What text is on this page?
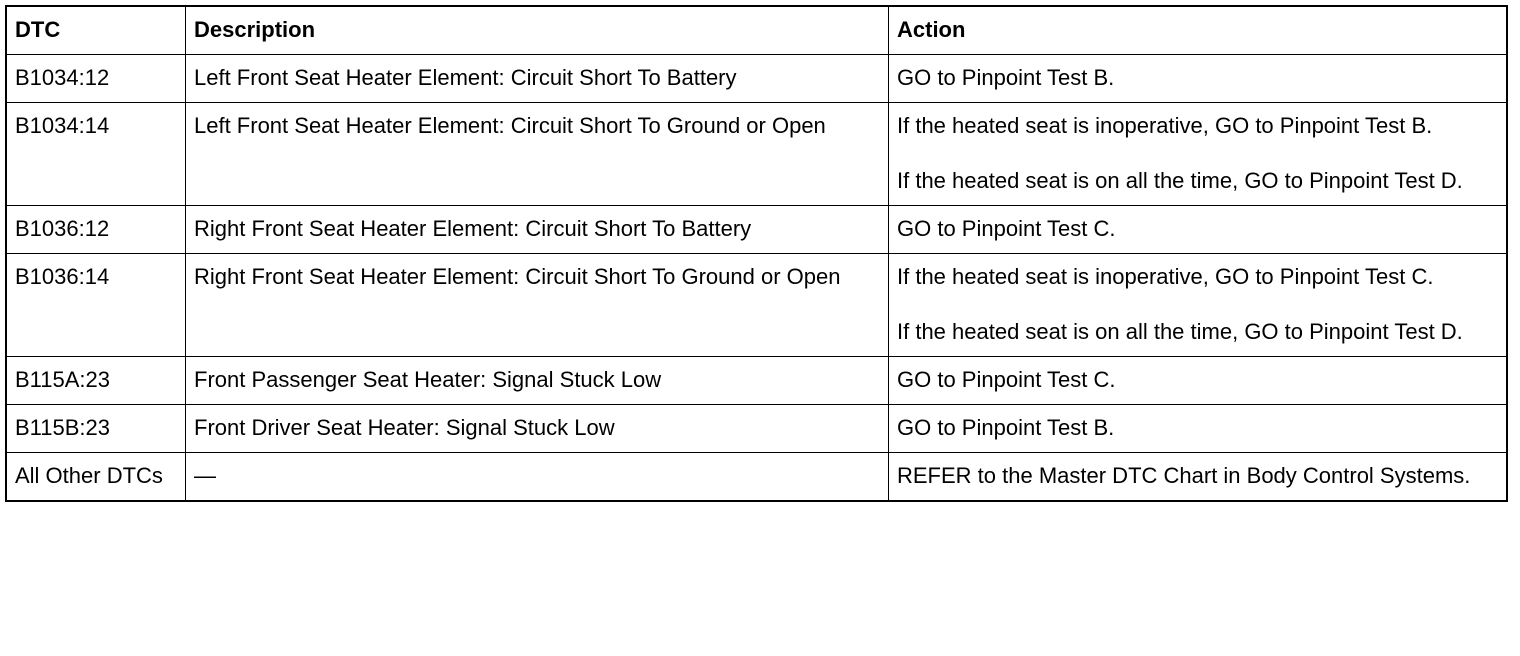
DTC	Description	Action
B1034:12	Left Front Seat Heater Element: Circuit Short To Battery	GO to Pinpoint Test B.

B1034:14	Left Front Seat Heater Element: Circuit Short To Ground or Open	If the heated seat is inoperative, GO to Pinpoint Test B.
If the heated seat is on all the time, GO to Pinpoint Test D.

B1036:12	Right Front Seat Heater Element: Circuit Short To Battery	GO to Pinpoint Test C.

B1036:14	Right Front Seat Heater Element: Circuit Short To Ground or Open	If the heated seat is inoperative, GO to Pinpoint Test C.
If the heated seat is on all the time, GO to Pinpoint Test D.

B115A:23	Front Passenger Seat Heater: Signal Stuck Low	GO to Pinpoint Test C.

B115B:23	Front Driver Seat Heater: Signal Stuck Low	GO to Pinpoint Test B.

All Other DTCs	—	REFER to the Master DTC Chart in Body Control Systems.
